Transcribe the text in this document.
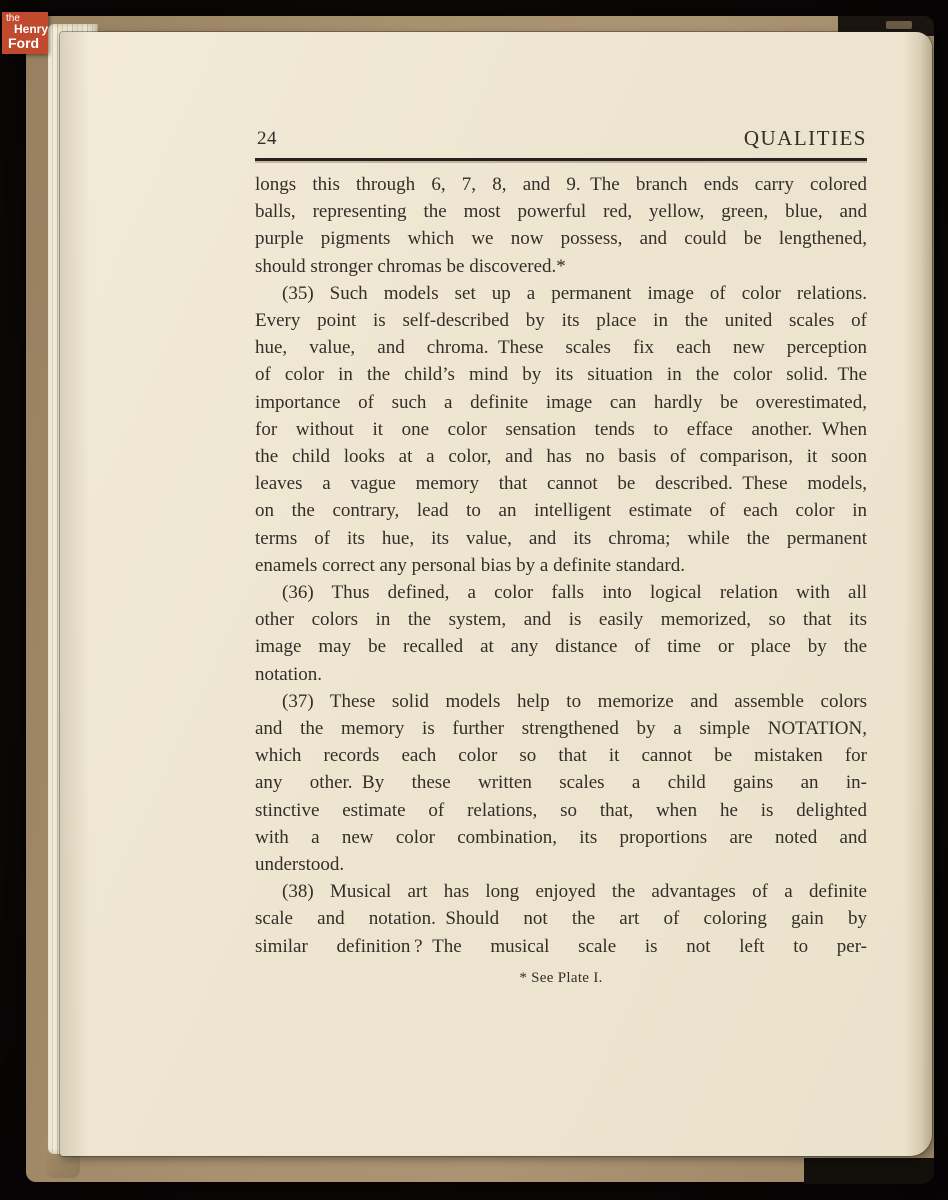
24	QUALITIES
longs this through 6, 7, 8, and 9. The branch ends carry colored
balls, representing the most powerful red, yellow, green, blue, and
purple pigments which we now possess, and could be lengthened,
should stronger chromas be discovered.*
(35) Such models set up a permanent image of color relations.
Every point is self-described by its place in the united scales of
hue, value, and chroma. These scales fix each new perception
of color in the child’s mind by its situation in the color solid. The
importance of such a definite image can hardly be overestimated,
for without it one color sensation tends to efface another. When
the child looks at a color, and has no basis of comparison, it soon
leaves a vague memory that cannot be described. These models,
on the contrary, lead to an intelligent estimate of each color in
terms of its hue, its value, and its chroma; while the permanent
enamels correct any personal bias by a definite standard.
(36) Thus defined, a color falls into logical relation with all
other colors in the system, and is easily memorized, so that its
image may be recalled at any distance of time or place by the
notation.
(37) These solid models help to memorize and assemble colors
and the memory is further strengthened by a simple NOTATION,
which records each color so that it cannot be mistaken for
any other. By these written scales a child gains an in-
stinctive estimate of relations, so that, when he is delighted
with a new color combination, its proportions are noted and
understood.
(38) Musical art has long enjoyed the advantages of a definite
scale and notation. Should not the art of coloring gain by
similar definition ? The musical scale is not left to per-
* See Plate I.
the
Henry
Ford
